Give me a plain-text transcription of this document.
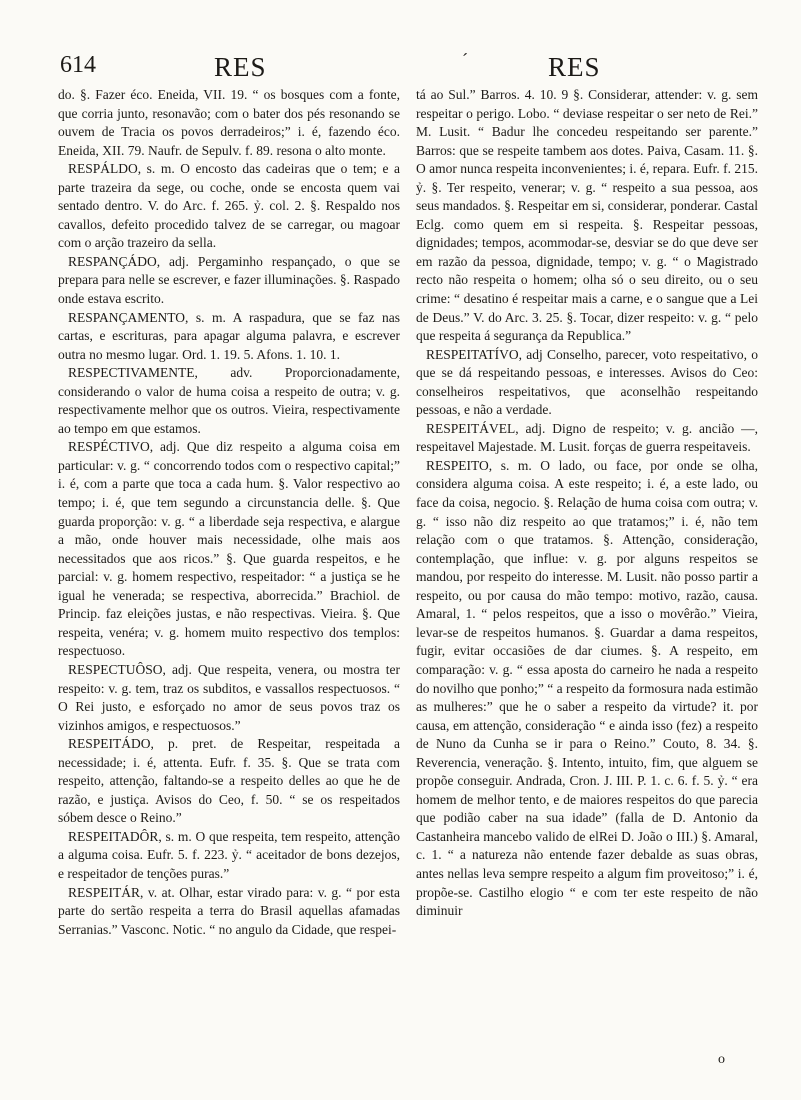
614	RES	´	RES

do. §. Fazer éco. Eneida, VII. 19. “ os bosques com a fonte, que corria junto, resonavão; com o bater dos pés resonando se ouvem de Tracia os povos derradeiros;” i. é, fazendo éco. Eneida, XII. 79. Naufr. de Sepulv. f. 89. resona o alto monte.

RESPÁLDO, s. m. O encosto das cadeiras que o tem; e a parte trazeira da sege, ou coche, onde se encosta quem vai sentado dentro. V. do Arc. f. 265. ỷ. col. 2. §. Respaldo nos cavallos, defeito procedido talvez de se carregar, ou magoar com o arção trazeiro da sella.

RESPANÇÁDO, adj. Pergaminho respançado, o que se prepara para nelle se escrever, e fazer illuminações. §. Raspado onde estava escrito.

RESPANÇAMENTO, s. m. A raspadura, que se faz nas cartas, e escrituras, para apagar alguma palavra, e escrever outra no mesmo lugar. Ord. 1. 19. 5. Afons. 1. 10. 1.

RESPECTIVAMENTE, adv. Proporcionadamente, considerando o valor de huma coisa a respeito de outra; v. g. respectivamente melhor que os outros. Vieira, respectivamente ao tempo em que estamos.

RESPÉCTIVO, adj. Que diz respeito a alguma coisa em particular: v. g. “ concorrendo todos com o respectivo capital;” i. é, com a parte que toca a cada hum. §. Valor respectivo ao tempo; i. é, que tem segundo a circunstancia delle. §. Que guarda proporção: v. g. “ a liberdade seja respectiva, e alargue a mão, onde houver mais necessidade, olhe mais aos necessitados que aos ricos.” §. Que guarda respeitos, e he parcial: v. g. homem respectivo, respeitador: “ a justiça se he igual he venerada; se respectiva, aborrecida.” Brachiol. de Princip. faz eleições justas, e não respectivas. Vieira. §. Que respeita, venéra; v. g. homem muito respectivo dos templos: respectuoso.

RESPECTUÔSO, adj. Que respeita, venera, ou mostra ter respeito: v. g. tem, traz os subditos, e vassallos respectuosos. “ O Rei justo, e esforçado no amor de seus povos traz os vizinhos amigos, e respectuosos.”

RESPEITÁDO, p. pret. de Respeitar, respeitada a necessidade; i. é, attenta. Eufr. f. 35. §. Que se trata com respeito, attenção, faltando-se a respeito delles ao que he de razão, e justiça. Avisos do Ceo, f. 50. “ se os respeitados sóbem desce o Reino.”

RESPEITADÔR, s. m. O que respeita, tem respeito, attenção a alguma coisa. Eufr. 5. f. 223. ỷ. “ aceitador de bons dezejos, e respeitador de tenções puras.”

RESPEITÁR, v. at. Olhar, estar virado para: v. g. “ por esta parte do sertão respeita a terra do Brasil aquellas afamadas Serranias.” Vasconc. Notic. “ no angulo da Cidade, que respei-

tá ao Sul.” Barros. 4. 10. 9 §. Considerar, attender: v. g. sem respeitar o perigo. Lobo. “ deviase respeitar o ser neto de Rei.” M. Lusit. “ Badur lhe concedeu respeitando ser parente.” Barros: que se respeite tambem aos dotes. Paiva, Casam. 11. §. O amor nunca respeita inconvenientes; i. é, repara. Eufr. f. 215. ỷ. §. Ter respeito, venerar; v. g. “ respeito a sua pessoa, aos seus mandados. §. Respeitar em si, considerar, ponderar. Castal Eclg. como quem em si respeita. §. Respeitar pessoas, dignidades; tempos, acommodar-se, desviar se do que deve ser em razão da pessoa, dignidade, tempo; v. g. “ o Magistrado recto não respeita o homem; olha só o seu direito, ou o seu crime: “ desatino é respeitar mais a carne, e o sangue que a Lei de Deus.” V. do Arc. 3. 25. §. Tocar, dizer respeito: v. g. “ pelo que respeita á segurança da Republica.”

RESPEITATÍVO, adj Conselho, parecer, voto respeitativo, o que se dá respeitando pessoas, e interesses. Avisos do Ceo: conselheiros respeitativos, que aconselhão respeitando pessoas, e não a verdade.

RESPEITÁVEL, adj. Digno de respeito; v. g. ancião —, respeitavel Majestade. M. Lusit. forças de guerra respeitaveis.

RESPEITO, s. m. O lado, ou face, por onde se olha, considera alguma coisa. A este respeito; i. é, a este lado, ou face da coisa, negocio. §. Relação de huma coisa com outra; v. g. “ isso não diz respeito ao que tratamos;” i. é, não tem relação com o que tratamos. §. Attenção, consideração, contemplação, que influe: v. g. por alguns respeitos se mandou, por respeito do interesse. M. Lusit. não posso partir a respeito, ou por causa do mão tempo: motivo, razão, causa. Amaral, 1. “ pelos respeitos, que a isso o movêrão.” Vieira, levar-se de respeitos humanos. §. Guardar a dama respeitos, fugir, evitar occasiões de dar ciumes. §. A respeito, em comparação: v. g. “ essa aposta do carneiro he nada a respeito do novilho que ponho;” “ a respeito da formosura nada estimão as mulheres:” que he o saber a respeito da virtude? it. por causa, em attenção, consideração “ e ainda isso (fez) a respeito de Nuno da Cunha se ir para o Reino.” Couto, 8. 34. §. Reverencia, veneração. §. Intento, intuito, fim, que alguem se propõe conseguir. Andrada, Cron. J. III. P. 1. c. 6. f. 5. ỷ. “ era homem de melhor tento, e de maiores respeitos do que parecia que podião caber na sua idade” (falla de D. Antonio da Castanheira mancebo valido de elRei D. João o III.) §. Amaral, c. 1. “ a natureza não entende fazer debalde as suas obras, antes nellas leva sempre respeito a algum fim proveitoso;” i. é, propõe-se. Castilho elogio “ e com ter este respeito de não diminuir

o
